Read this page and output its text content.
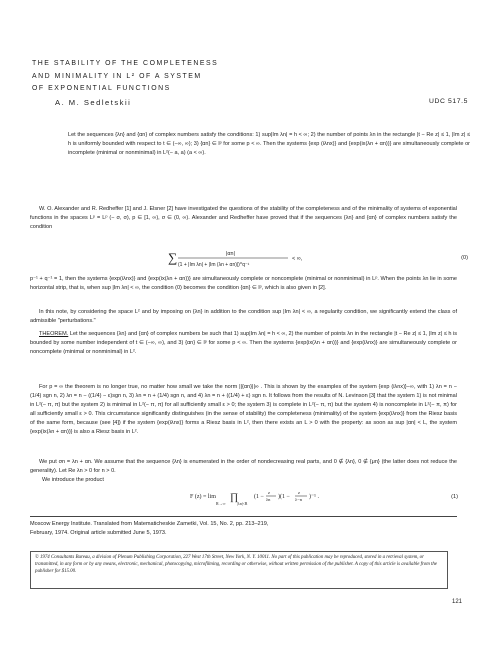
THE STABILITY OF THE COMPLETENESS
AND MINIMALITY IN L² OF A SYSTEM
OF EXPONENTIAL FUNCTIONS
A. M. Sedletskii	UDC 517.5

Let the sequences {λn} and {αn} of complex numbers satisfy the conditions: 1) sup|Im λn| = h < ∞; 2) the number of points λn in the rectangle |t − Re z| ≤ 1, |Im z| ≤ h is uniformly bounded with respect to t ∈ (−∞, ∞); 3) {αn} ∈ lᵖ for some p < ∞. Then the systems {exp (iλnx)} and {exp(ix(λn + αn))} are simultaneously complete or incomplete (minimal or nonminimal) in L²(− a, a) (a < ∞).

W. O. Alexander and R. Redheffer [1] and J. Elsner [2] have investigated the questions of the stability of the completeness and of the minimality of systems of exponential functions in the spaces Lᵖ = Lᵖ (− σ, σ), p ∈ [1, ∞), σ ∈ (0, ∞). Alexander and Redheffer have proved that if the sequences {λn} and {αn} of complex numbers satisfy the condition

∑	|αn|
(1 + |Im λn| + |Im (λn + αn)|)^q⁻¹
< ∞,	(0)

p⁻¹ + q⁻¹ = 1, then the systems {exp(iλnx)} and {exp(ix(λn + αn))} are simultaneously complete or noncomplete (minimal or nonminimal) in Lᵖ. When the points λn lie in some horizontal strip, that is, when sup |Im λn| < ∞, the condition (0) becomes the condition {αn} ∈ lᵖ, which is also given in [2].

In this note, by considering the space L² and by imposing on {λn} in addition to the condition sup |Im λn| < ∞, a regularity condition, we significantly extend the class of admissible "perturbations."

THEOREM. Let the sequences {λn} and {αn} of complex numbers be such that 1) sup|Im λn| = h < ∞, 2) the number of points λn in the rectangle |t − Re z| ≤ 1, |Im z| ≤ h is bounded by some number independent of t ∈ (−∞, ∞), and 3) {αn} ∈ lᵖ for some p < ∞. Then the systems {exp(ix(λn + αn))} and {exp(iλnx)} are simultaneously complete or noncomplete (minimal or nonminimal) in L².

For p = ∞ the theorem is no longer true, no matter how small we take the norm ||{αn}||∞ . This is shown by the examples of the system {exp (iλnx)}−∞, with 1) λn = n − (1/4) sgn n, 2) λn = n − ((1/4) − ε)sgn n, 3) λn = n + (1/4) sgn n, and 4) λn = n + ((1/4) + ε) sgn n. It follows from the results of N. Levinson [3] that the system 1) is not minimal in L²(− π, π) but the system 2) is minimal in L²(− π, π) for all sufficiently small ε > 0; the system 3) is complete in L²(− π, π) but the system 4) is noncomplete in L²(− π, π) for all sufficiently small ε > 0. This circumstance significantly distinguishes (in the sense of stability) the completeness (minimality) of the system {exp(iλnx)} from the Riesz basis of the same form, because (see [4]) if the system {exp(iλnx)} forms a Riesz basis in L², then there exists an L > 0 with the property: as soon as sup |αn| < L, the system {exp(ix(λn + αn))} is also a Riesz basis in L².

We put σn = λn + αn. We assume that the sequence {λn} is enumerated in the order of nondecreasing real parts, and 0 ∉ {λn}, 0 ∉ {μn} (the latter does not reduce the generality). Let Re λn > 0 for n > 0.

We introduce the product

F (z) = lim
R→∞
∏
|λn|<R
(1 −
z
λn )(1 −
z
λ−n )⁻¹ .	(1)

Moscow Energy Institute. Translated from Matematicheskie Zametki, Vol. 15, No. 2, pp. 213–219,
February, 1974. Original article submitted June 5, 1973.

© 1974 Consultants Bureau, a division of Plenum Publishing Corporation, 227 West 17th Street, New York, N. Y. 10011. No part of this publication may be reproduced, stored in a retrieval system, or transmitted, in any form or by any means, electronic, mechanical, photocopying, microfilming, recording or otherwise, without written permission of the publisher. A copy of this article is available from the publisher for $15.00.

121
